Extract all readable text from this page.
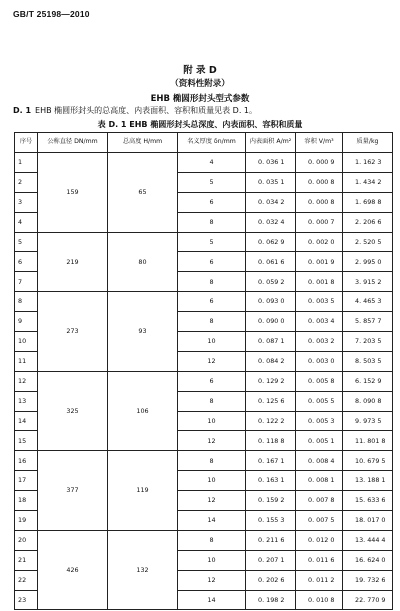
GB/T 25198—2010
附 录 D
（资料性附录）
EHB 椭圆形封头型式参数
D. 1 EHB 椭圆形封头的总高度、内表面积、容积和质量见表 D. 1。
表 D. 1 EHB 椭圆形封头总深度、内表面积、容积和质量
序号	公称直径 DN/mm	总高度 H/mm	名义厚度 δn/mm	内表面积 A/m²	容积 V/m³	质量/kg
1	159	65	4	0. 036 1	0. 000 9	1. 162 3
2			5	0. 035 1	0. 000 8	1. 434 2
3			6	0. 034 2	0. 000 8	1. 698 8
4			8	0. 032 4	0. 000 7	2. 206 6
5	219	80	5	0. 062 9	0. 002 0	2. 520 5
6			6	0. 061 6	0. 001 9	2. 995 0
7			8	0. 059 2	0. 001 8	3. 915 2
8	273	93	6	0. 093 0	0. 003 5	4. 465 3
9			8	0. 090 0	0. 003 4	5. 857 7
10			10	0. 087 1	0. 003 2	7. 203 5
11			12	0. 084 2	0. 003 0	8. 503 5
12	325	106	6	0. 129 2	0. 005 8	6. 152 9
13			8	0. 125 6	0. 005 5	8. 090 8
14			10	0. 122 2	0. 005 3	9. 973 5
15			12	0. 118 8	0. 005 1	11. 801 8
16	377	119	8	0. 167 1	0. 008 4	10. 679 5
17			10	0. 163 1	0. 008 1	13. 188 1
18			12	0. 159 2	0. 007 8	15. 633 6
19			14	0. 155 3	0. 007 5	18. 017 0
20	426	132	8	0. 211 6	0. 012 0	13. 444 4
21			10	0. 207 1	0. 011 6	16. 624 0
22			12	0. 202 6	0. 011 2	19. 732 6
23			14	0. 198 2	0. 010 8	22. 770 9
